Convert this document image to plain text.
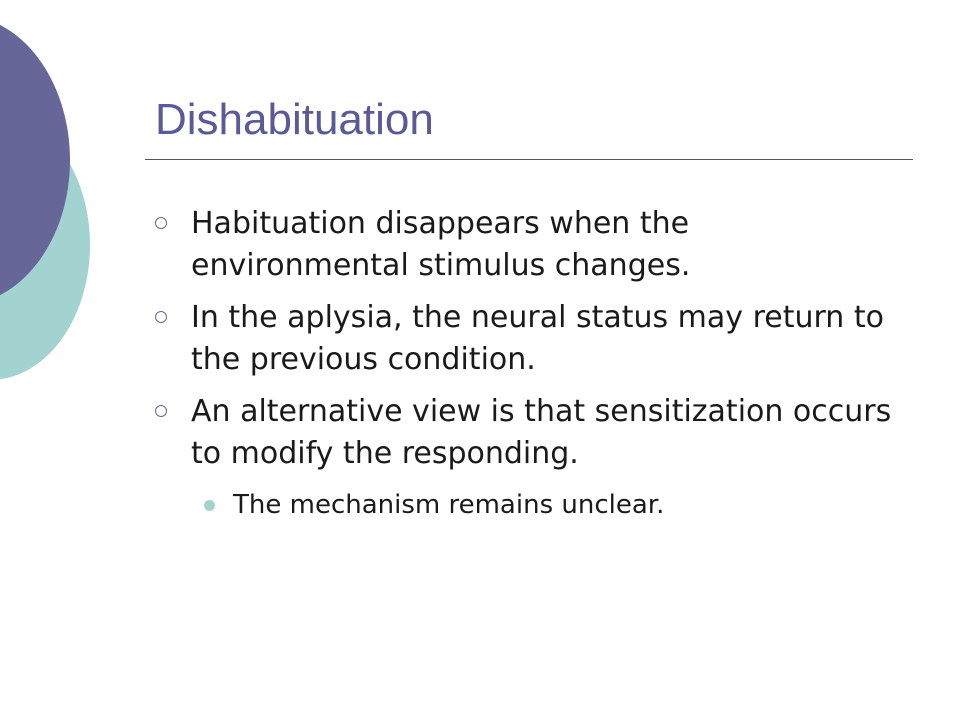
Dishabituation
Habituation disappears when the environmental stimulus changes.
In the aplysia, the neural status may return to the previous condition.
An alternative view is that sensitization occurs to modify the responding.
The mechanism remains unclear.
